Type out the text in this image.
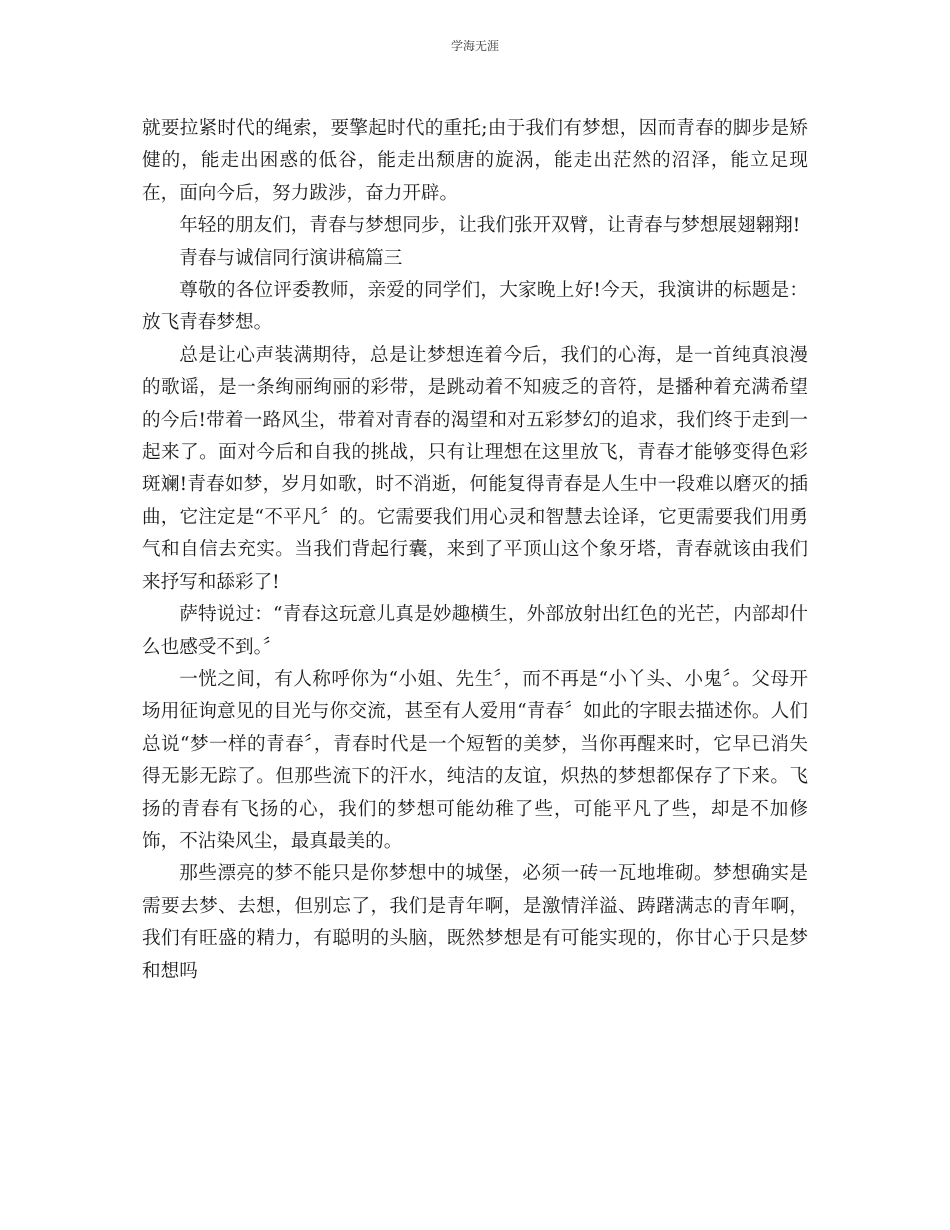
学海无涯

就要拉紧时代的绳索，要擎起时代的重托;由于我们有梦想，因而青春的脚步是矫健的，能走出困惑的低谷，能走出颓唐的旋涡，能走出茫然的沼泽，能立足现在，面向今后，努力跋涉，奋力开辟。

年轻的朋友们，青春与梦想同步，让我们张开双臂，让青春与梦想展翅翱翔!

青春与诚信同行演讲稿篇三

尊敬的各位评委教师，亲爱的同学们，大家晚上好!今天，我演讲的标题是：放飞青春梦想。

总是让心声装满期待，总是让梦想连着今后，我们的心海，是一首纯真浪漫的歌谣，是一条绚丽绚丽的彩带，是跳动着不知疲乏的音符，是播种着充满希望的今后!带着一路风尘，带着对青春的渴望和对五彩梦幻的追求，我们终于走到一起来了。面对今后和自我的挑战，只有让理想在这里放飞，青春才能够变得色彩斑斓!青春如梦，岁月如歌，时不消逝，何能复得青春是人生中一段难以磨灭的插曲，它注定是“不平凡〞的。它需要我们用心灵和智慧去诠译，它更需要我们用勇气和自信去充实。当我们背起行囊，来到了平顶山这个象牙塔，青春就该由我们来抒写和舔彩了!

萨特说过：“青春这玩意儿真是妙趣横生，外部放射出红色的光芒，内部却什么也感受不到。〞

一恍之间，有人称呼你为“小姐、先生〞，而不再是“小丫头、小鬼〞。父母开场用征询意见的目光与你交流，甚至有人爱用“青春〞如此的字眼去描述你。人们总说“梦一样的青春〞，青春时代是一个短暂的美梦，当你再醒来时，它早已消失得无影无踪了。但那些流下的汗水，纯洁的友谊，炽热的梦想都保存了下来。飞扬的青春有飞扬的心，我们的梦想可能幼稚了些，可能平凡了些，却是不加修饰，不沾染风尘，最真最美的。

那些漂亮的梦不能只是你梦想中的城堡，必须一砖一瓦地堆砌。梦想确实是需要去梦、去想，但别忘了，我们是青年啊，是激情洋溢、踌躇满志的青年啊，我们有旺盛的精力，有聪明的头脑，既然梦想是有可能实现的，你甘心于只是梦和想吗
